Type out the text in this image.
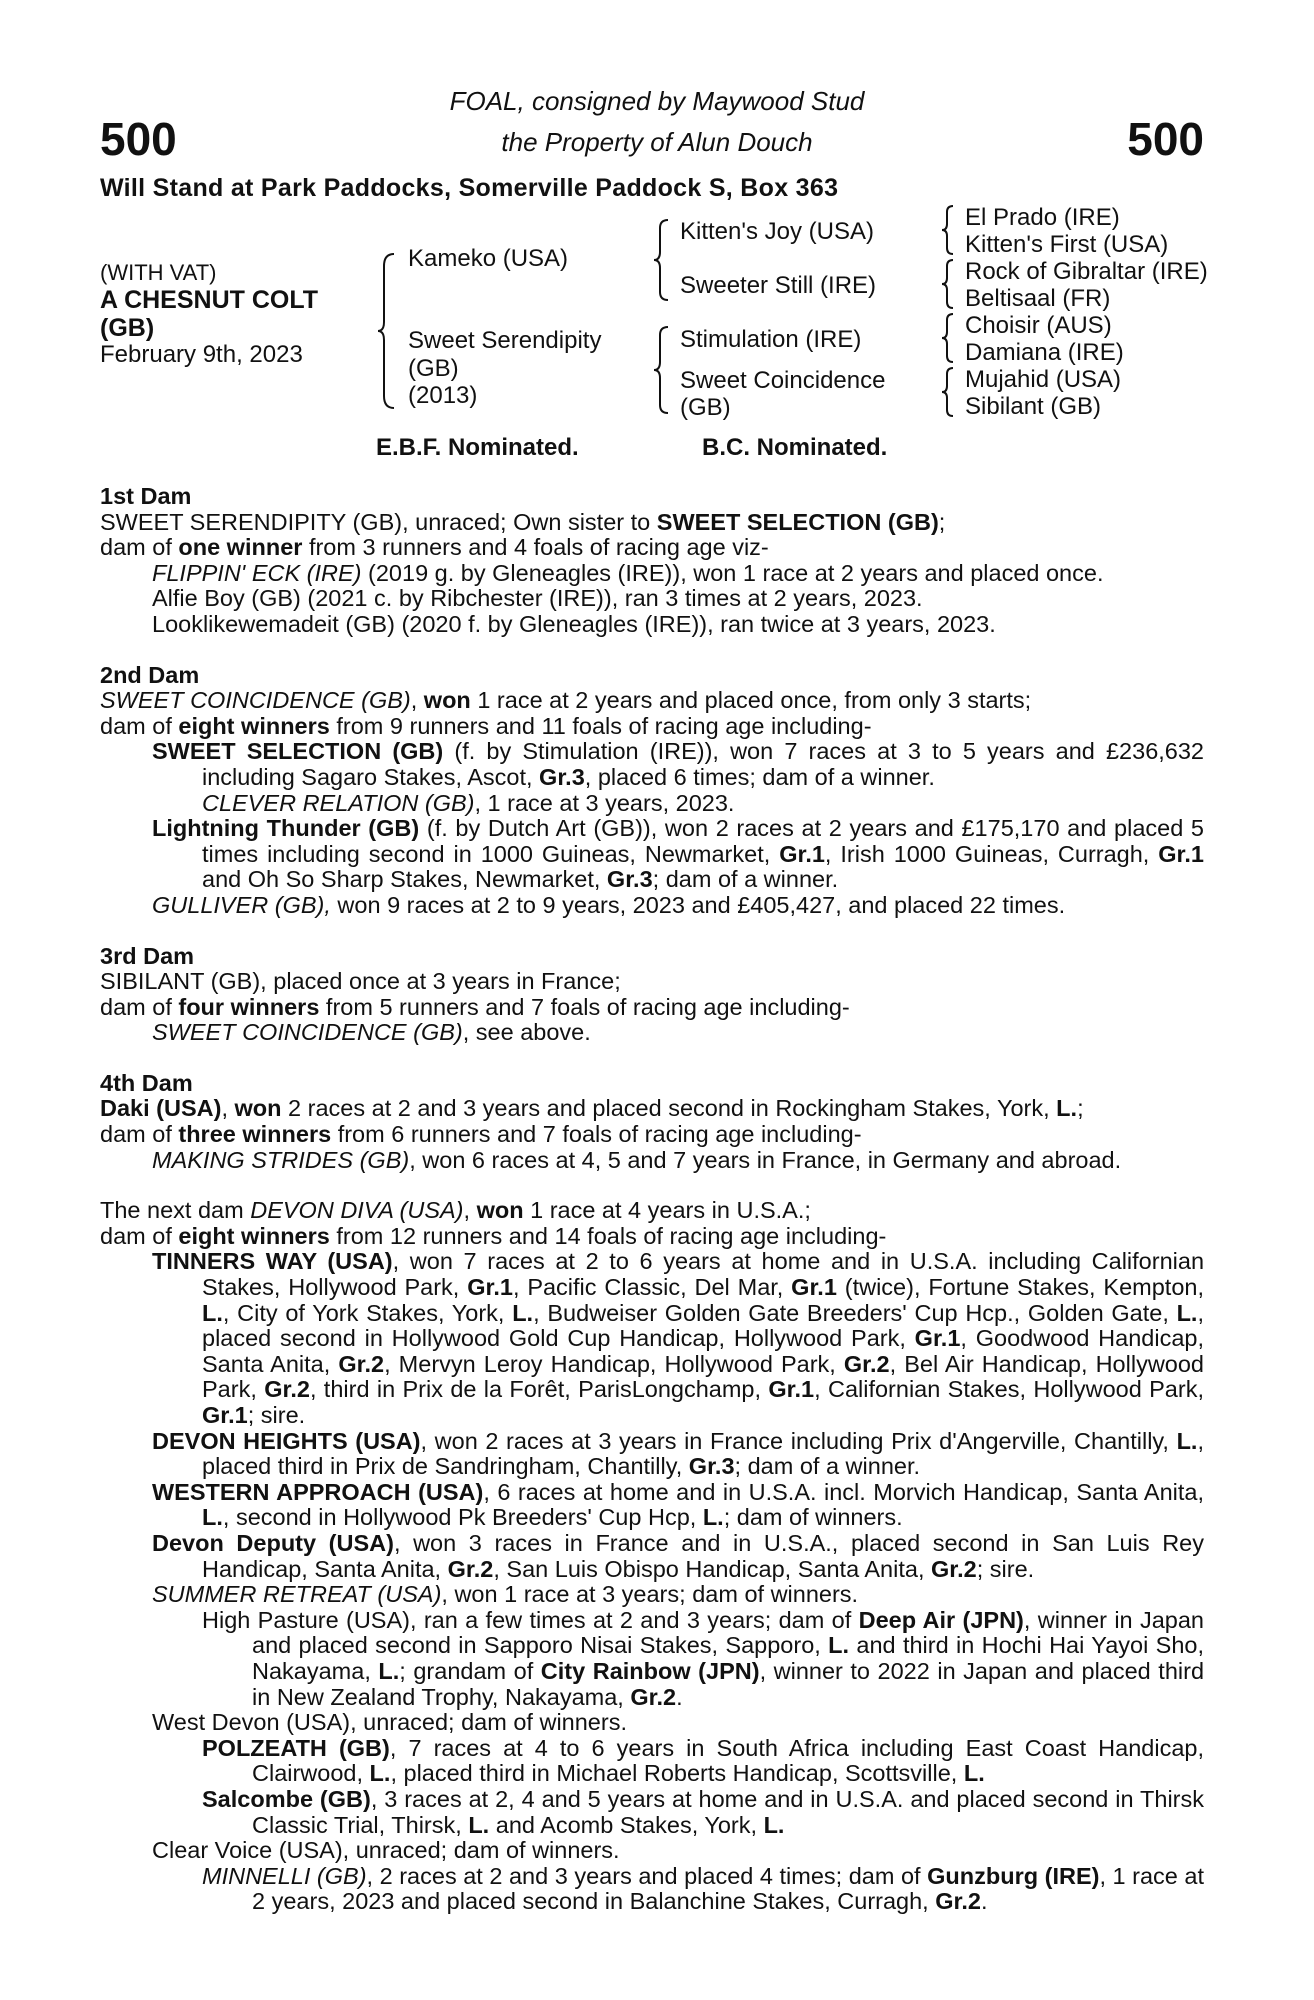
500	500
FOAL, consigned by Maywood Stud
the Property of Alun Douch
Will Stand at Park Paddocks, Somerville Paddock S, Box 363
(WITH VAT)
A CHESNUT COLT
(GB)
February 9th, 2023
Kameko (USA)
Sweet Serendipity
(GB)
(2013)
Kitten's Joy (USA)
Sweeter Still (IRE)
Stimulation (IRE)
Sweet Coincidence
(GB)
El Prado (IRE)
Kitten's First (USA)
Rock of Gibraltar (IRE)
Beltisaal (FR)
Choisir (AUS)
Damiana (IRE)
Mujahid (USA)
Sibilant (GB)
E.B.F. Nominated.	B.C. Nominated.
1st Dam
SWEET SERENDIPITY (GB), unraced; Own sister to SWEET SELECTION (GB);
dam of one winner from 3 runners and 4 foals of racing age viz-
FLIPPIN' ECK (IRE) (2019 g. by Gleneagles (IRE)), won 1 race at 2 years and placed once.
Alfie Boy (GB) (2021 c. by Ribchester (IRE)), ran 3 times at 2 years, 2023.
Looklikewemadeit (GB) (2020 f. by Gleneagles (IRE)), ran twice at 3 years, 2023.
2nd Dam
SWEET COINCIDENCE (GB), won 1 race at 2 years and placed once, from only 3 starts;
dam of eight winners from 9 runners and 11 foals of racing age including-
SWEET SELECTION (GB) (f. by Stimulation (IRE)), won 7 races at 3 to 5 years and £236,632 including Sagaro Stakes, Ascot, Gr.3, placed 6 times; dam of a winner.
CLEVER RELATION (GB), 1 race at 3 years, 2023.
Lightning Thunder (GB) (f. by Dutch Art (GB)), won 2 races at 2 years and £175,170 and placed 5 times including second in 1000 Guineas, Newmarket, Gr.1, Irish 1000 Guineas, Curragh, Gr.1 and Oh So Sharp Stakes, Newmarket, Gr.3; dam of a winner.
GULLIVER (GB), won 9 races at 2 to 9 years, 2023 and £405,427, and placed 22 times.
3rd Dam
SIBILANT (GB), placed once at 3 years in France;
dam of four winners from 5 runners and 7 foals of racing age including-
SWEET COINCIDENCE (GB), see above.
4th Dam
Daki (USA), won 2 races at 2 and 3 years and placed second in Rockingham Stakes, York, L.;
dam of three winners from 6 runners and 7 foals of racing age including-
MAKING STRIDES (GB), won 6 races at 4, 5 and 7 years in France, in Germany and abroad.
The next dam DEVON DIVA (USA), won 1 race at 4 years in U.S.A.;
dam of eight winners from 12 runners and 14 foals of racing age including-
TINNERS WAY (USA), won 7 races at 2 to 6 years at home and in U.S.A. including Californian Stakes, Hollywood Park, Gr.1, Pacific Classic, Del Mar, Gr.1 (twice), Fortune Stakes, Kempton, L., City of York Stakes, York, L., Budweiser Golden Gate Breeders' Cup Hcp., Golden Gate, L., placed second in Hollywood Gold Cup Handicap, Hollywood Park, Gr.1, Goodwood Handicap, Santa Anita, Gr.2, Mervyn Leroy Handicap, Hollywood Park, Gr.2, Bel Air Handicap, Hollywood Park, Gr.2, third in Prix de la Forêt, ParisLongchamp, Gr.1, Californian Stakes, Hollywood Park, Gr.1; sire.
DEVON HEIGHTS (USA), won 2 races at 3 years in France including Prix d'Angerville, Chantilly, L., placed third in Prix de Sandringham, Chantilly, Gr.3; dam of a winner.
WESTERN APPROACH (USA), 6 races at home and in U.S.A. incl. Morvich Handicap, Santa Anita, L., second in Hollywood Pk Breeders' Cup Hcp, L.; dam of winners.
Devon Deputy (USA), won 3 races in France and in U.S.A., placed second in San Luis Rey Handicap, Santa Anita, Gr.2, San Luis Obispo Handicap, Santa Anita, Gr.2; sire.
SUMMER RETREAT (USA), won 1 race at 3 years; dam of winners.
High Pasture (USA), ran a few times at 2 and 3 years; dam of Deep Air (JPN), winner in Japan and placed second in Sapporo Nisai Stakes, Sapporo, L. and third in Hochi Hai Yayoi Sho, Nakayama, L.; grandam of City Rainbow (JPN), winner to 2022 in Japan and placed third in New Zealand Trophy, Nakayama, Gr.2.
West Devon (USA), unraced; dam of winners.
POLZEATH (GB), 7 races at 4 to 6 years in South Africa including East Coast Handicap, Clairwood, L., placed third in Michael Roberts Handicap, Scottsville, L.
Salcombe (GB), 3 races at 2, 4 and 5 years at home and in U.S.A. and placed second in Thirsk Classic Trial, Thirsk, L. and Acomb Stakes, York, L.
Clear Voice (USA), unraced; dam of winners.
MINNELLI (GB), 2 races at 2 and 3 years and placed 4 times; dam of Gunzburg (IRE), 1 race at 2 years, 2023 and placed second in Balanchine Stakes, Curragh, Gr.2.
